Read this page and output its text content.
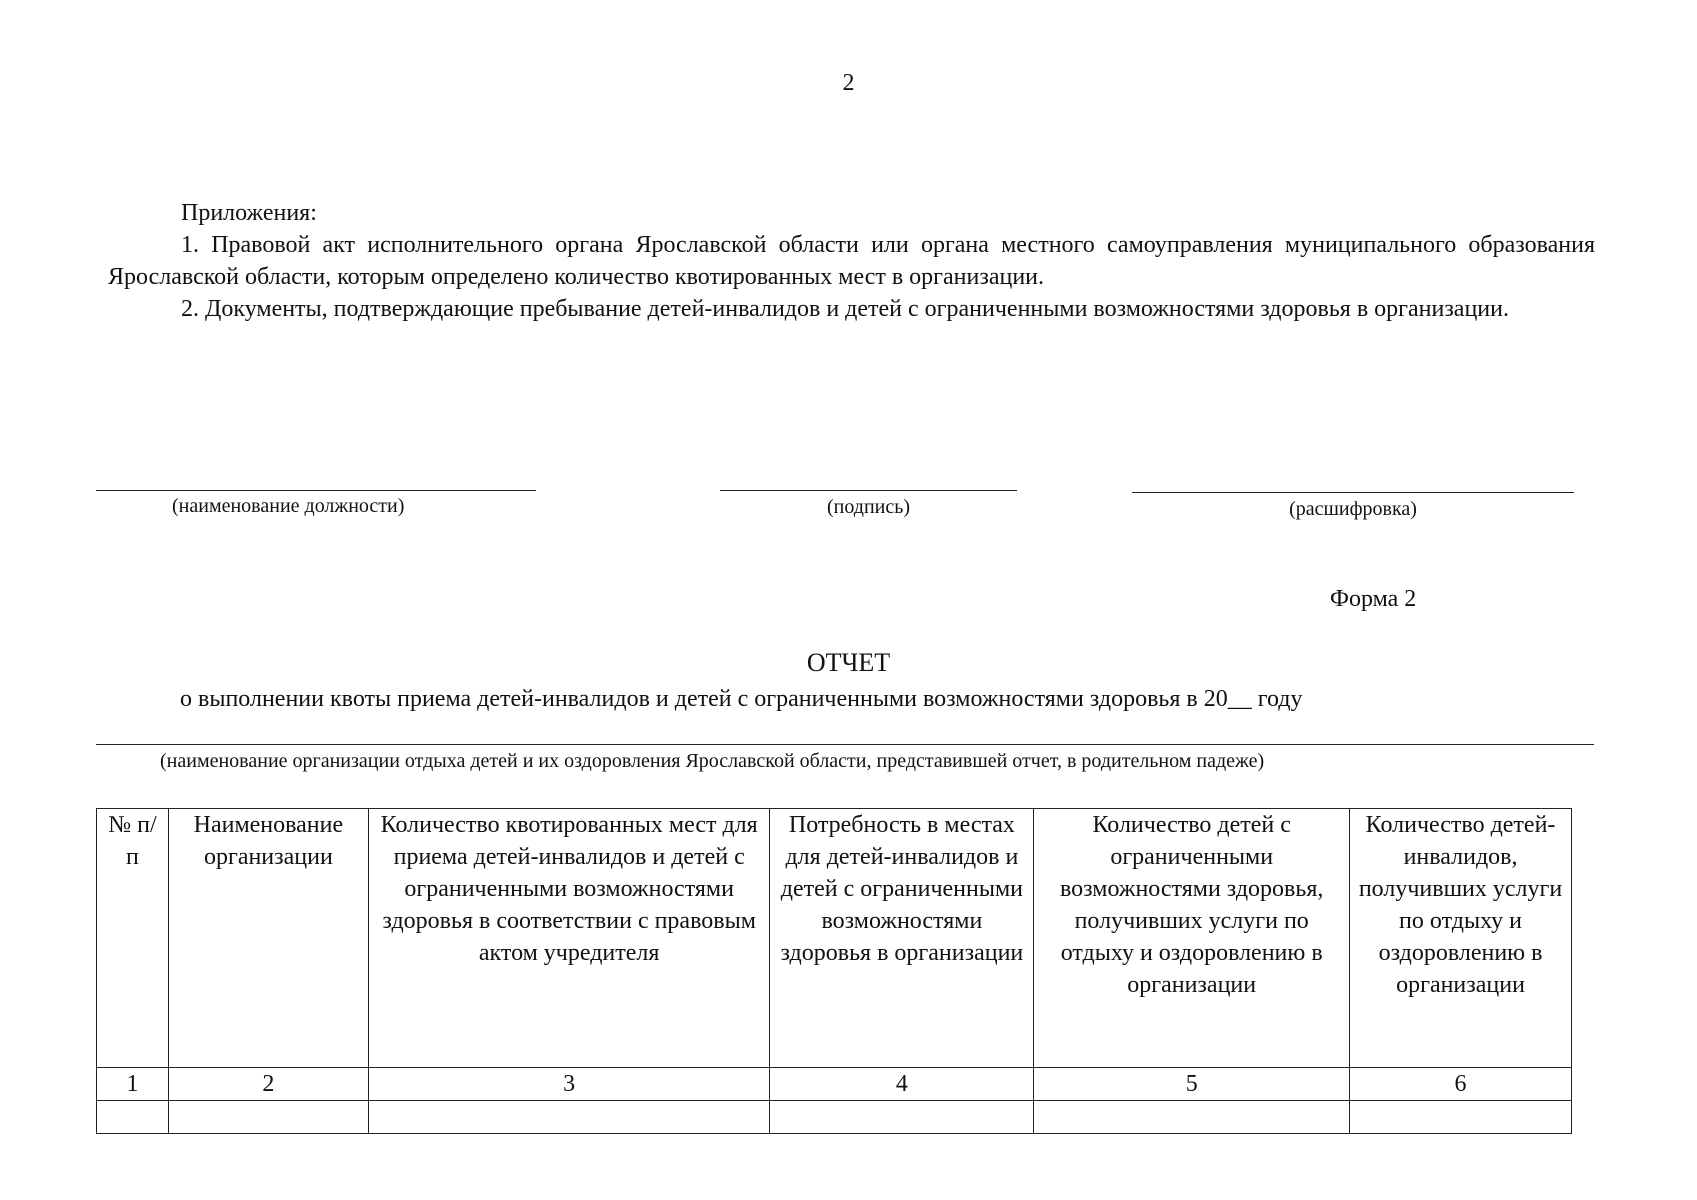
2

Приложения:

1. Правовой акт исполнительного органа Ярославской области или органа местного самоуправления муниципального образования Ярославской области, которым определено количество квотированных мест в организации.

2. Документы, подтверждающие пребывание детей-инвалидов и детей с ограниченными возможностями здоровья в организации.

(наименование должности)	(подпись)	(расшифровка)
Форма 2
ОТЧЕТ
о выполнении квоты приема детей-инвалидов и детей с ограниченными возможностями здоровья в 20__ году
(наименование организации отдыха детей и их оздоровления Ярославской области, представившей отчет, в родительном падеже)
№ п/п	Наименование организации	Количество квотированных мест для приема детей-инвалидов и детей с ограниченными возможностями здоровья в соответствии с правовым актом учредителя	Потребность в местах для детей-инвалидов и детей с ограниченными возможностями здоровья в организации	Количество детей с ограниченными возможностями здоровья, получивших услуги по отдыху и оздоровлению в организации	Количество детей-инвалидов, получивших услуги по отдыху и оздоровлению в организации
1	2	3	4	5	6
